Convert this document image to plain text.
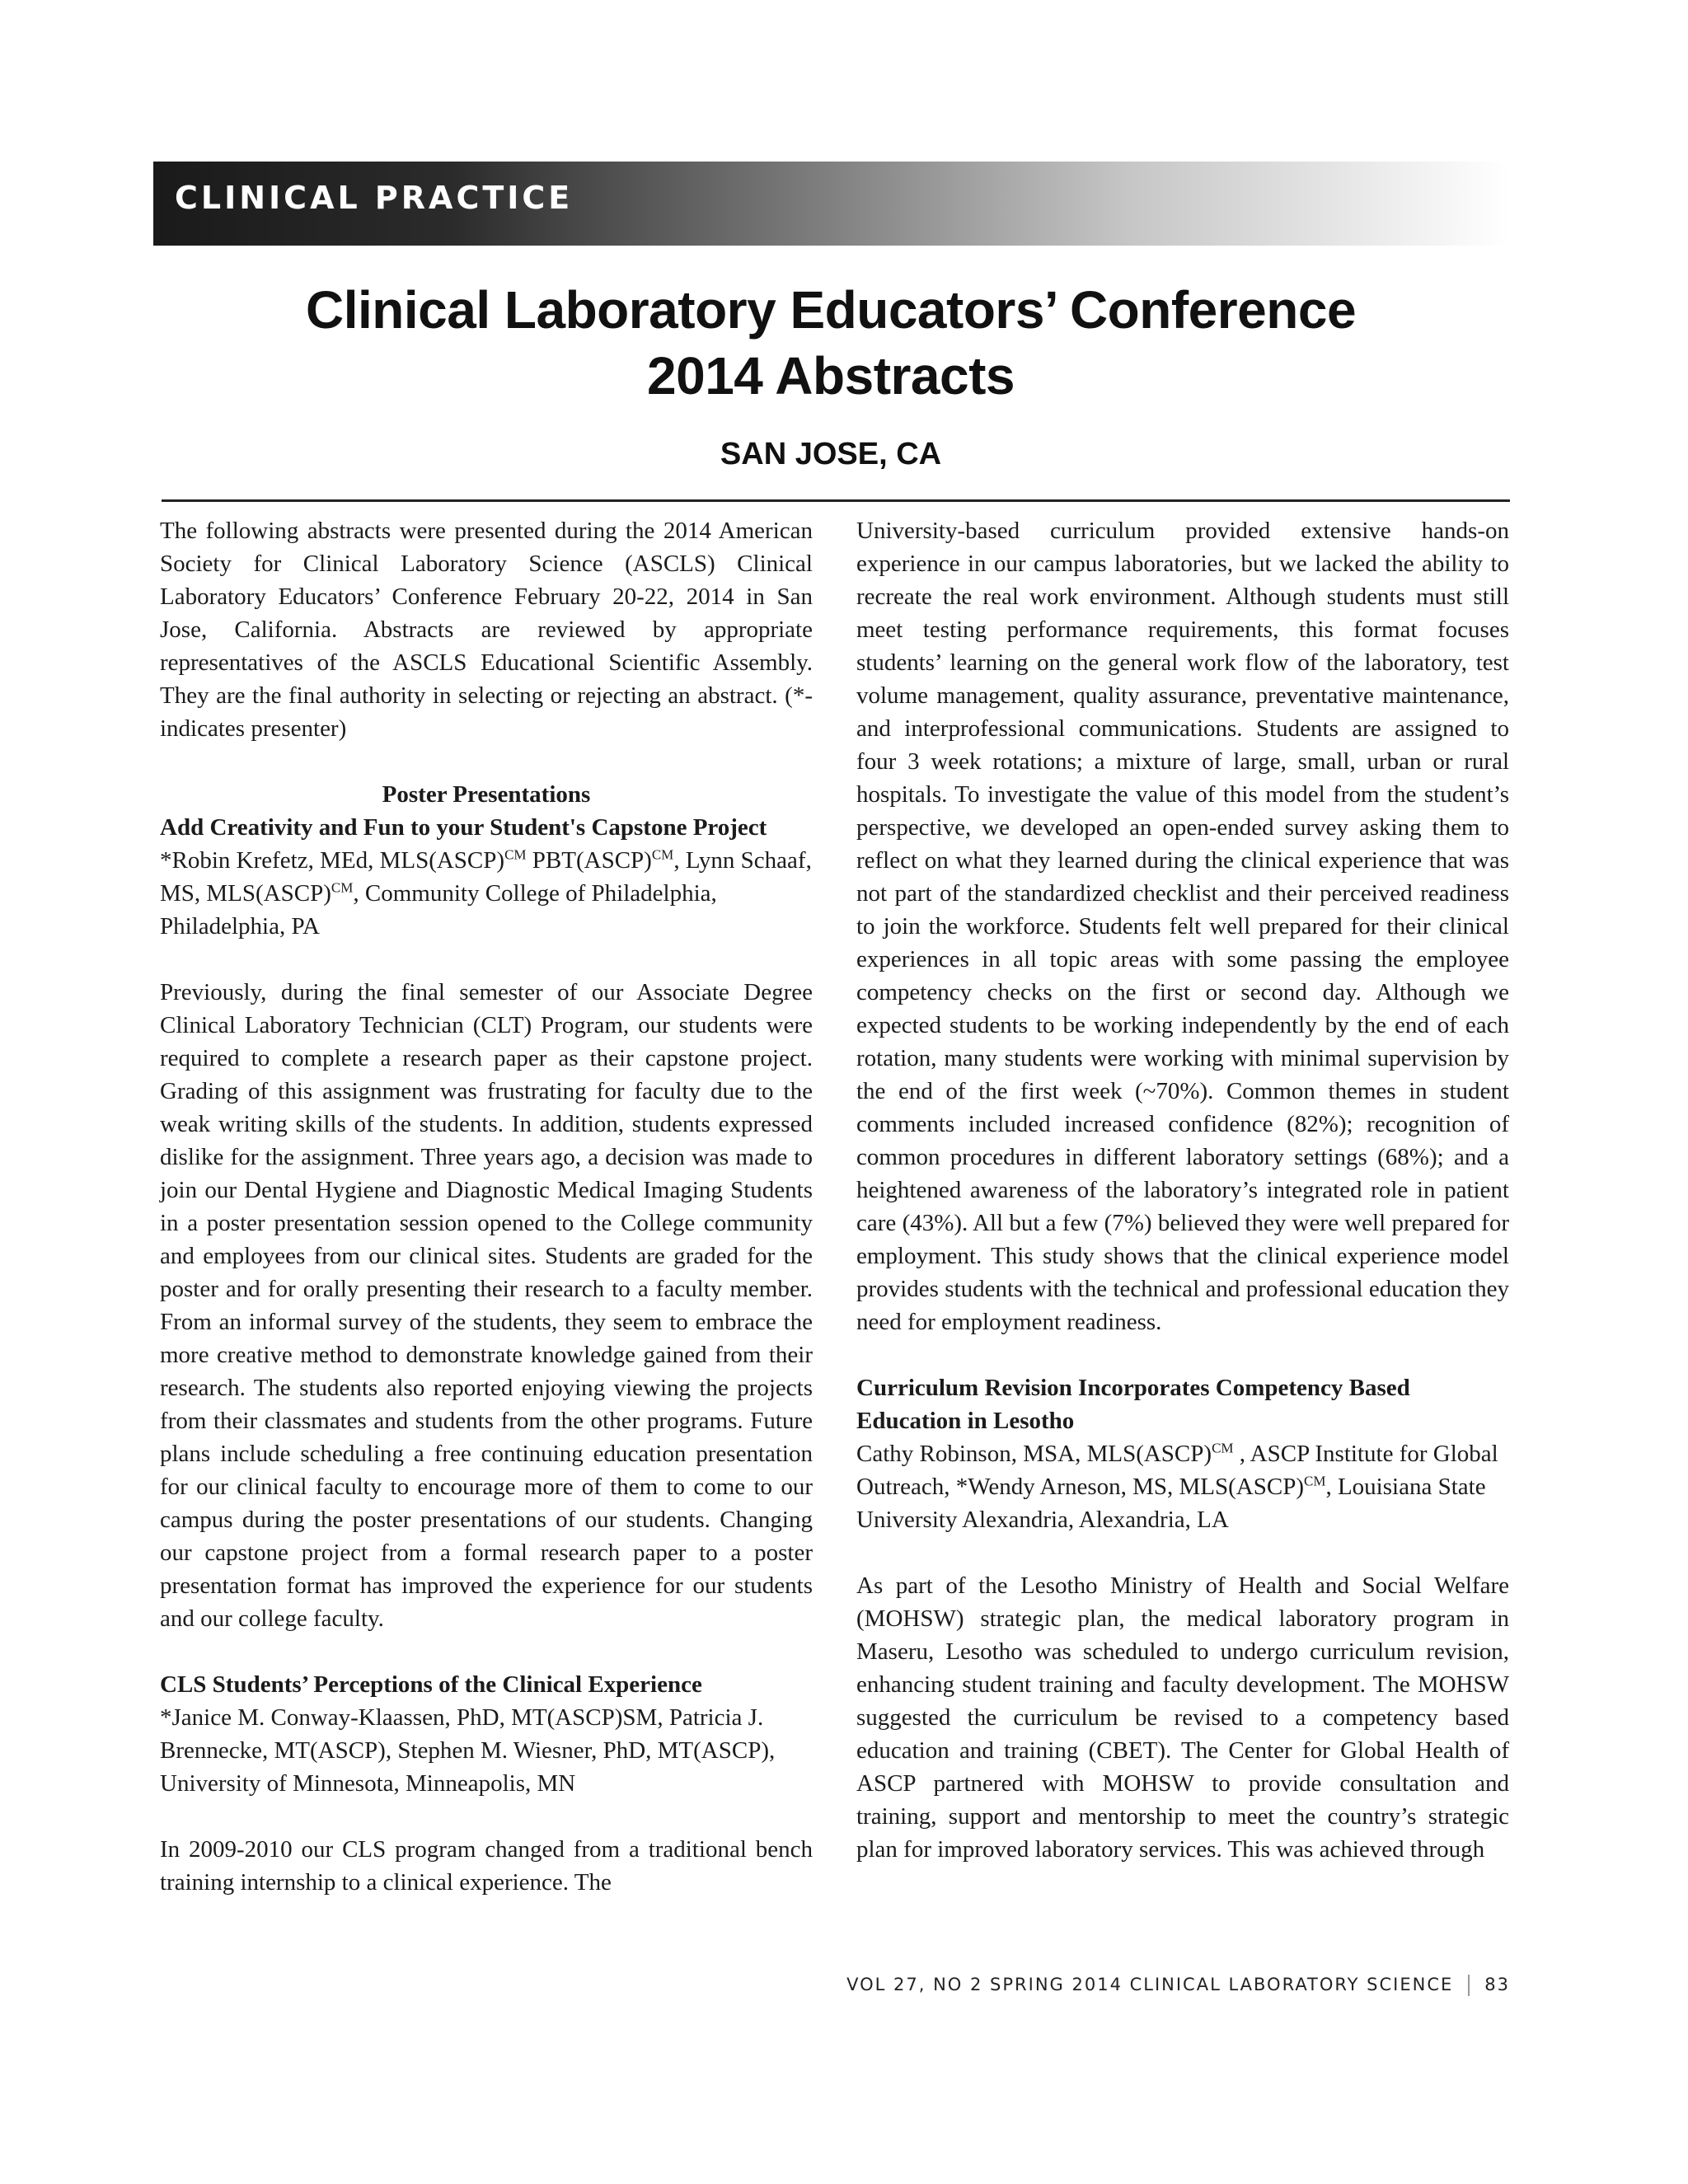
CLINICAL PRACTICE
Clinical Laboratory Educators’ Conference
2014 Abstracts
SAN JOSE, CA

The following abstracts were presented during the 2014 American Society for Clinical Laboratory Science (ASCLS) Clinical Laboratory Educators’ Conference February 20-22, 2014 in San Jose, California. Abstracts are reviewed by appropriate representatives of the ASCLS Educational Scientific Assembly. They are the final authority in selecting or rejecting an abstract. (*- indicates presenter)

Poster Presentations

Add Creativity and Fun to your Student's Capstone Project

*Robin Krefetz, MEd, MLS(ASCP)$^{CM}$ PBT(ASCP)$^{CM}$, Lynn Schaaf, MS, MLS(ASCP)$^{CM}$, Community College of Philadelphia, Philadelphia, PA

Previously, during the final semester of our Associate Degree Clinical Laboratory Technician (CLT) Program, our students were required to complete a research paper as their capstone project. Grading of this assignment was frustrating for faculty due to the weak writing skills of the students. In addition, students expressed dislike for the assignment. Three years ago, a decision was made to join our Dental Hygiene and Diagnostic Medical Imaging Students in a poster presentation session opened to the College community and employees from our clinical sites. Students are graded for the poster and for orally presenting their research to a faculty member. From an informal survey of the students, they seem to embrace the more creative method to demonstrate knowledge gained from their research. The students also reported enjoying viewing the projects from their classmates and students from the other programs. Future plans include scheduling a free continuing education presentation for our clinical faculty to encourage more of them to come to our campus during the poster presentations of our students. Changing our capstone project from a formal research paper to a poster presentation format has improved the experience for our students and our college faculty.

CLS Students’ Perceptions of the Clinical Experience

*Janice M. Conway-Klaassen, PhD, MT(ASCP)SM, Patricia J. Brennecke, MT(ASCP), Stephen M. Wiesner, PhD, MT(ASCP), University of Minnesota, Minneapolis, MN

In 2009-2010 our CLS program changed from a traditional bench training internship to a clinical experience. The

University-based curriculum provided extensive hands-on experience in our campus laboratories, but we lacked the ability to recreate the real work environment. Although students must still meet testing performance requirements, this format focuses students’ learning on the general work flow of the laboratory, test volume management, quality assurance, preventative maintenance, and interprofessional communications. Students are assigned to four 3 week rotations; a mixture of large, small, urban or rural hospitals. To investigate the value of this model from the student’s perspective, we developed an open-ended survey asking them to reflect on what they learned during the clinical experience that was not part of the standardized checklist and their perceived readiness to join the workforce. Students felt well prepared for their clinical experiences in all topic areas with some passing the employee competency checks on the first or second day. Although we expected students to be working independently by the end of each rotation, many students were working with minimal supervision by the end of the first week (~70%). Common themes in student comments included increased confidence (82%); recognition of common procedures in different laboratory settings (68%); and a heightened awareness of the laboratory’s integrated role in patient care (43%). All but a few (7%) believed they were well prepared for employment. This study shows that the clinical experience model provides students with the technical and professional education they need for employment readiness.

Curriculum Revision Incorporates Competency Based Education in Lesotho

Cathy Robinson, MSA, MLS(ASCP)$^{CM}$ , ASCP Institute for Global Outreach, *Wendy Arneson, MS, MLS(ASCP)$^{CM}$, Louisiana State University Alexandria, Alexandria, LA

As part of the Lesotho Ministry of Health and Social Welfare (MOHSW) strategic plan, the medical laboratory program in Maseru, Lesotho was scheduled to undergo curriculum revision, enhancing student training and faculty development. The MOHSW suggested the curriculum be revised to a competency based education and training (CBET). The Center for Global Health of ASCP partnered with MOHSW to provide consultation and training, support and mentorship to meet the country’s strategic plan for improved laboratory services. This was achieved through

VOL 27, NO 2 SPRING 2014 CLINICAL LABORATORY SCIENCE 83
